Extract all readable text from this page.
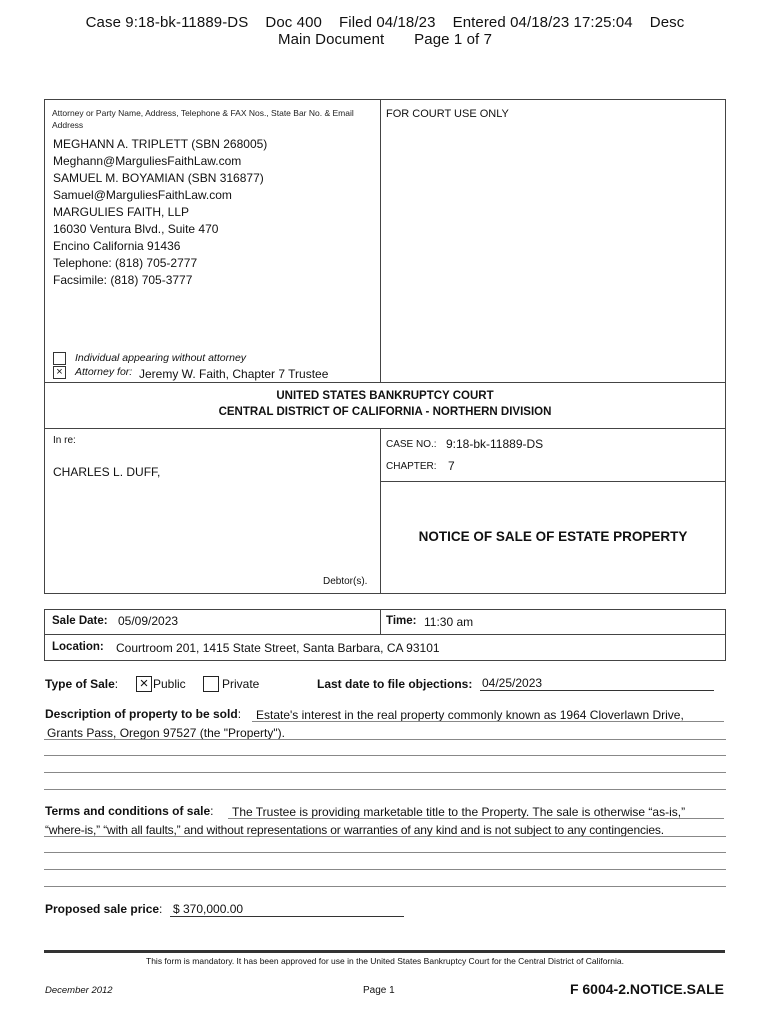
Case 9:18-bk-11889-DS    Doc 400    Filed 04/18/23    Entered 04/18/23 17:25:04    Desc
Main Document       Page 1 of 7
Attorney or Party Name, Address, Telephone & FAX Nos., State Bar No. & Email Address
MEGHANN A. TRIPLETT (SBN 268005)
Meghann@MarguliesFaithLaw.com
SAMUEL M. BOYAMIAN (SBN 316877)
Samuel@MarguliesFaithLaw.com
MARGULIES FAITH, LLP
16030 Ventura Blvd., Suite 470
Encino California 91436
Telephone: (818) 705-2777
Facsimile: (818) 705-3777
Individual appearing without attorney
×	Attorney for: Jeremy W. Faith, Chapter 7 Trustee
FOR COURT USE ONLY
UNITED STATES BANKRUPTCY COURT
CENTRAL DISTRICT OF CALIFORNIA - NORTHERN DIVISION
In re:
CHARLES L. DUFF,
Debtor(s).
CASE NO.: 9:18-bk-11889-DS
CHAPTER: 7
NOTICE OF SALE OF ESTATE PROPERTY
Sale Date: 05/09/2023	Time: 11:30 am
Location: Courtroom 201, 1415 State Street, Santa Barbara, CA 93101
Type of Sale: × Public	Private	Last date to file objections: 04/25/2023
Description of property to be sold: Estate's interest in the real property commonly known as 1964 Cloverlawn Drive,
Grants Pass, Oregon 97527 (the "Property").
Terms and conditions of sale: The Trustee is providing marketable title to the Property. The sale is otherwise “as-is,”
“where-is,” “with all faults,” and without representations or warranties of any kind and is not subject to any contingencies.
Proposed sale price: $ 370,000.00
This form is mandatory. It has been approved for use in the United States Bankruptcy Court for the Central District of California.
December 2012	Page 1	F 6004-2.NOTICE.SALE
